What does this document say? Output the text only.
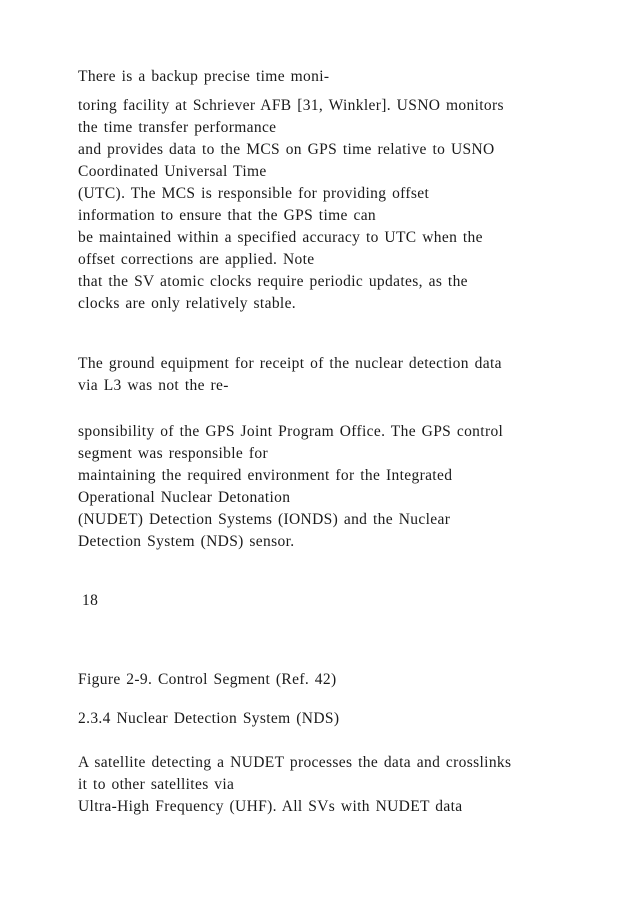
There is a backup precise time moni-
toring facility at Schriever AFB [31, Winkler]. USNO monitors
the time transfer performance
and provides data to the MCS on GPS time relative to USNO
Coordinated Universal Time
(UTC). The MCS is responsible for providing offset
information to ensure that the GPS time can
be maintained within a specified accuracy to UTC when the
offset corrections are applied. Note
that the SV atomic clocks require periodic updates, as the
clocks are only relatively stable.
The ground equipment for receipt of the nuclear detection data
via L3 was not the re-
sponsibility of the GPS Joint Program Office. The GPS control
segment was responsible for
maintaining the required environment for the Integrated
Operational Nuclear Detonation
(NUDET) Detection Systems (IONDS) and the Nuclear
Detection System (NDS) sensor.
18
Figure 2-9. Control Segment (Ref. 42)
2.3.4 Nuclear Detection System (NDS)
A satellite detecting a NUDET processes the data and crosslinks
it to other satellites via
Ultra-High Frequency (UHF). All SVs with NUDET data
